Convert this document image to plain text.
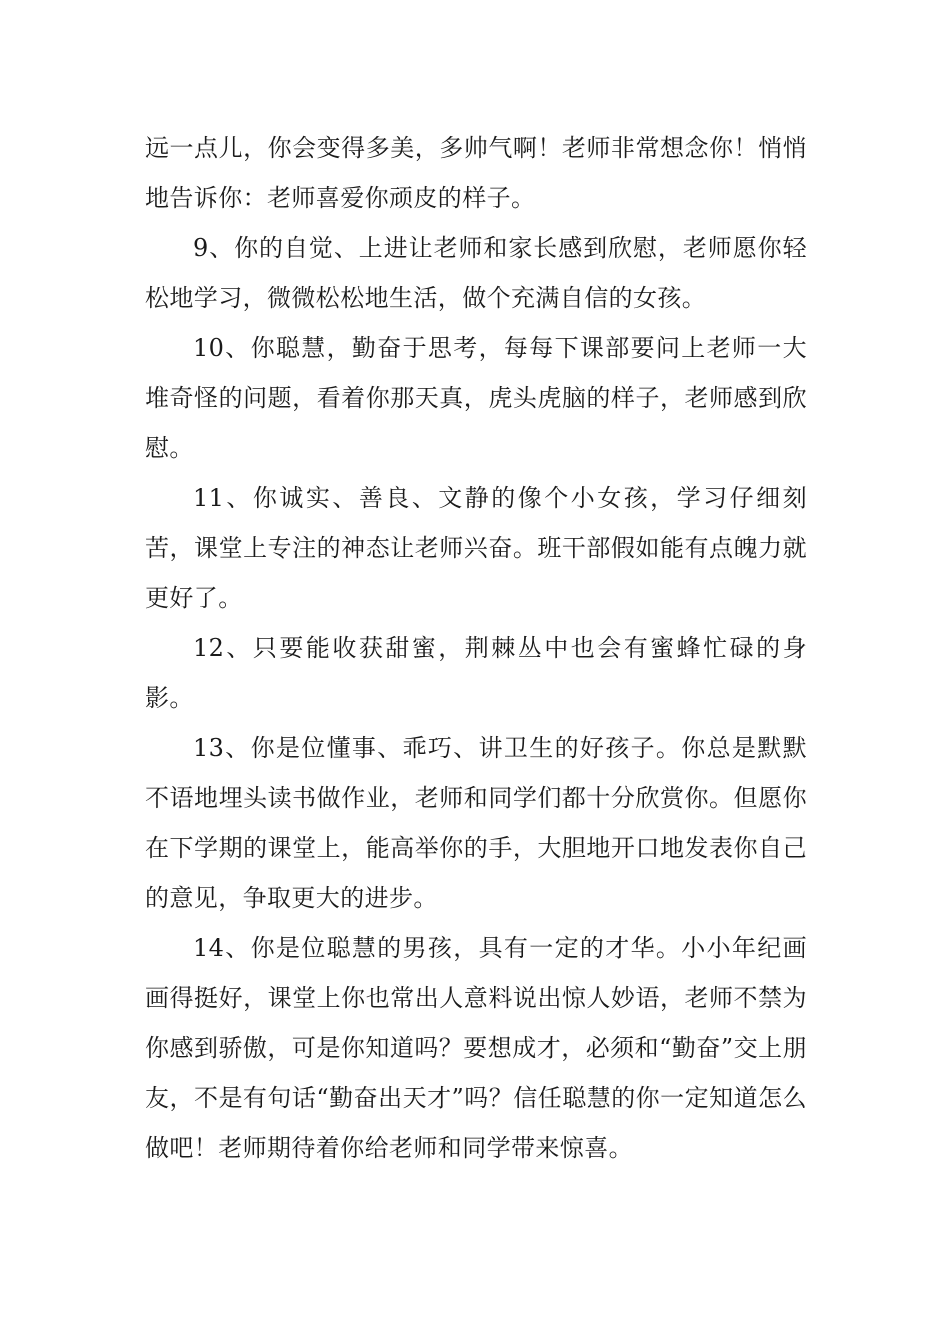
远一点儿，你会变得多美，多帅气啊！老师非常想念你！悄悄地告诉你：老师喜爱你顽皮的样子。

9、你的自觉、上进让老师和家长感到欣慰，老师愿你轻松地学习，微微松松地生活，做个充满自信的女孩。

10、你聪慧，勤奋于思考，每每下课部要问上老师一大堆奇怪的问题，看着你那天真，虎头虎脑的样子，老师感到欣慰。

11、你诚实、善良、文静的像个小女孩，学习仔细刻苦，课堂上专注的神态让老师兴奋。班干部假如能有点魄力就更好了。

12、只要能收获甜蜜，荆棘丛中也会有蜜蜂忙碌的身影。

13、你是位懂事、乖巧、讲卫生的好孩子。你总是默默不语地埋头读书做作业，老师和同学们都十分欣赏你。但愿你在下学期的课堂上，能高举你的手，大胆地开口地发表你自己的意见，争取更大的进步。

14、你是位聪慧的男孩，具有一定的才华。小小年纪画画得挺好，课堂上你也常出人意料说出惊人妙语，老师不禁为你感到骄傲，可是你知道吗？要想成才，必须和“勤奋”交上朋友，不是有句话“勤奋出天才”吗？信任聪慧的你一定知道怎么做吧！老师期待着你给老师和同学带来惊喜。
